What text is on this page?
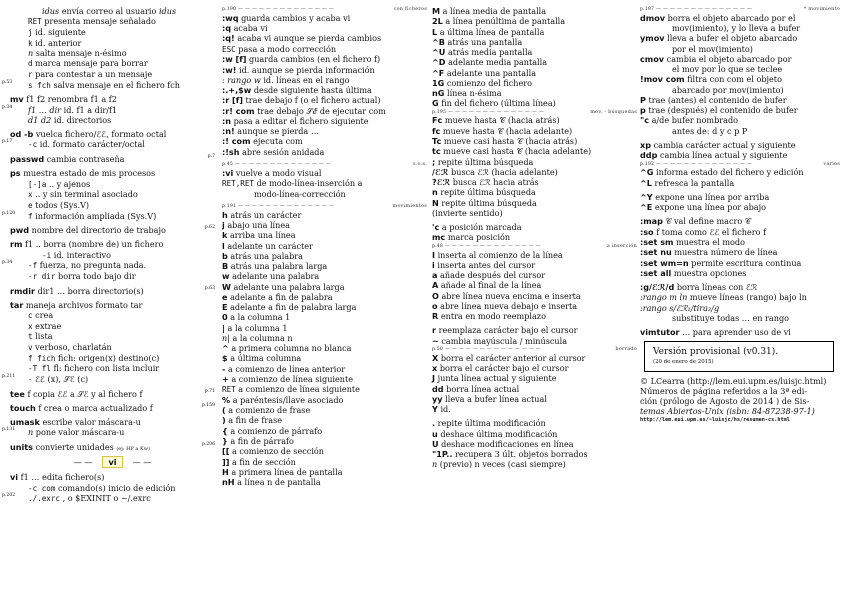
idus envía correo al usuario idus
RET presenta mensaje señalado
j id. siguiente
k id. anterior
n salta mensaje n-ésimo
d marca mensaje para borrar
r para contestar a un mensaje
p.53 s fch salva mensaje en el fichero fch
mv f1 f2 renombra f1 a f2
p.34 f1 … dir id. f1 a dir/f1
d1 d2 id. directorios
od -b vuelca fichero/ℰℰ, formato octal
p.17 -c id. formato carácter/octal
passwd cambia contraseña	p.7
ps muestra estado de mis procesos
[-]a .. y ajenos
x .. y sin terminal asociado
e todos (Sys.V)
p.120 f información ampliada (Sys.V)
pwd nombre del directorio de trabajo	p.62
rm f1 .. borra (nombre de) un fichero
-i id. interactivo
p.34 -f fuerza, no pregunta nada.
-r dir borra todo bajo dir
rmdir dir1 … borra directorio(s)	p.63
tar maneja archivos formato tar
c crea
x extrae
t lista
v verboso, charlatán
f fich fich: origen(x) destino(c)
-T fl fl: fichero con lista incluir
p.211 - ℰℰ (x), 𝒮ℰ (c)
tee f copia ℰℰ a 𝒮ℰ y al fichero f	p.71
touch f crea o marca actualizado f	p.159
umask escribe valor máscara-u
p.131 n pone valor máscara-u
units convierte unidades (ej: HP a Kw)
p.206
— — vi — —
vi f1 … edita fichero(s)
-c com comando(s) inicio de edición
p.202 ./.exrc , o $EXINIT o ~/.exrc
p.190 — — — — — — — — — — — — — —	con ficheros
:wq guarda cambios y acaba vi
:q acaba vi
:q! acaba vi aunque se pierda cambios
ESC pasa a modo corrección
:w [f] guarda cambios (en el fichero f)
:w! id. aunque se pierda información
: rango w id. líneas en el rango
:.+,$w desde siguiente hasta última
:r [f] trae debajo f (o el fichero actual)
:r! com trae debajo 𝒮ℰ de ejecutar com
:n pasa a editar el fichero siguiente
:n! aunque se pierda …
:! com ejecuta com
:!sh abre sesión anidada
p.45 — — — — — — — — — — — — — —	s.o.s.
:vi vuelve a modo visual
RET,RET de modo-línea-inserción a
modo-línea-corrección
p.191 — — — — — — — — — — — — — —	movimientos
h atrás un carácter
j abajo una línea
k arriba una línea
l adelante un carácter
b atrás una palabra
B atrás una palabra larga
w adelante una palabra
W adelante una palabra larga
e adelante a fin de palabra
E adelante a fin de palabra larga
0 a la columna 1
| a la columna 1
n| a la columna n
^ a primera columna no blanca
$ a última columna
- a comienzo de línea anterior
+ a comienzo de línea siguiente
RET a comienzo de línea siguiente
% a paréntesis/llave asociado
( a comienzo de frase
) a fin de frase
{ a comienzo de párrafo
} a fin de párrafo
[[ a comienzo de sección
]] a fin de sección
H a primera línea de pantalla
nH a línea n de pantalla
M a línea media de pantalla
2L a línea penúltima de pantalla
L a última línea de pantalla
^B atrás una pantalla
^U atrás media pantalla
^D adelante media pantalla
^F adelante una pantalla
1G comienzo del fichero
nG línea n-ésima
G fin del fichero (última línea)
p.195 — — — — — — — — — — — — — —	mov. - búsquedas
Fc mueve hasta 𝒞 (hacia atrás)
fc mueve hasta 𝒞 (hacia adelante)
Tc mueve casi hasta 𝒞 (hacia atrás)
tc mueve casi hasta 𝒞 (hacia adelante)
; repite última búsqueda
/ℰℛ busca ℰℛ (hacia adelante)
?ℰℛ busca ℰℛ hacia atrás
n repite última búsqueda
N repite última búsqueda
(invierte sentido)
'c a posición marcada
mc marca posición
p.48 — — — — — — — — — — — — — —	a inserción
I inserta al comienzo de la línea
i inserta antes del cursor
a añade después del cursor
A añade al final de la línea
O abre línea nueva encima e inserta
o abre línea nueva debajo e inserta
R entra en modo reemplazo
r reemplaza carácter bajo el cursor
~ cambia mayúscula / minúscula
p.50 — — — — — — — — — — — — — —	borrado
X borra el carácter anterior al cursor
x borra el carácter bajo el cursor
J junta línea actual y siguiente
dd borra línea actual
yy lleva a bufer línea actual
Y id.
. repite última modificación
u deshace última modificación
U deshace modificaciones en línea
"1P.. recupera 3 últ. objetos borrados
n (previo) n veces (casi siempre)
p.197 — — — — — — — — — — — — — —	* movimiento
dmov borra el objeto abarcado por el
mov(imiento), y lo lleva a bufer
ymov lleva a bufer el objeto abarcado
por el mov(imiento)
cmov cambia el objeto abarcado por
el mov por lo que se teclee
!mov com filtra con com el objeto
abarcado por mov(imiento)
P trae (antes) el contenido de bufer
p trae (después) el contenido de bufer
"c a/de bufer nombrado
antes de: d y c p P
xp cambia carácter actual y siguiente
ddp cambia línea actual y siguiente
p.192 — — — — — — — — — — — — — —	varios
^G informa estado del fichero y edición
^L refresca la pantalla
^Y expone una línea por arriba
^E expone una línea por abajo
:map 𝒞 val define macro 𝒞
:so f toma como ℰℰ el fichero f
:set sm muestra el modo
:set nu muestra número de línea
:set wm=n permite escritura continua
:set all muestra opciones
:g/ℰℛ/d borra líneas con ℰℛ
:rango m ln mueve líneas (rango) bajo ln
:rango s/ℰℛ₁/tira₂/g
substituye todas … en rango
vimtutor … para aprender uso de vi
Versión provisional (v0.31).
(20 de enero de 2015)
© LCearra (http://lem.eui.upm.es/luisjc.html)
Números de página referidos a la 3ª edi-
ción (prólogo de Agosto de 2014 ) de Sis-
temas Abiertos-Unix (isbn: 84-87238-97-1)
http://lem.eui.upm.es/~luisjc/hs/resumen-cs.html
